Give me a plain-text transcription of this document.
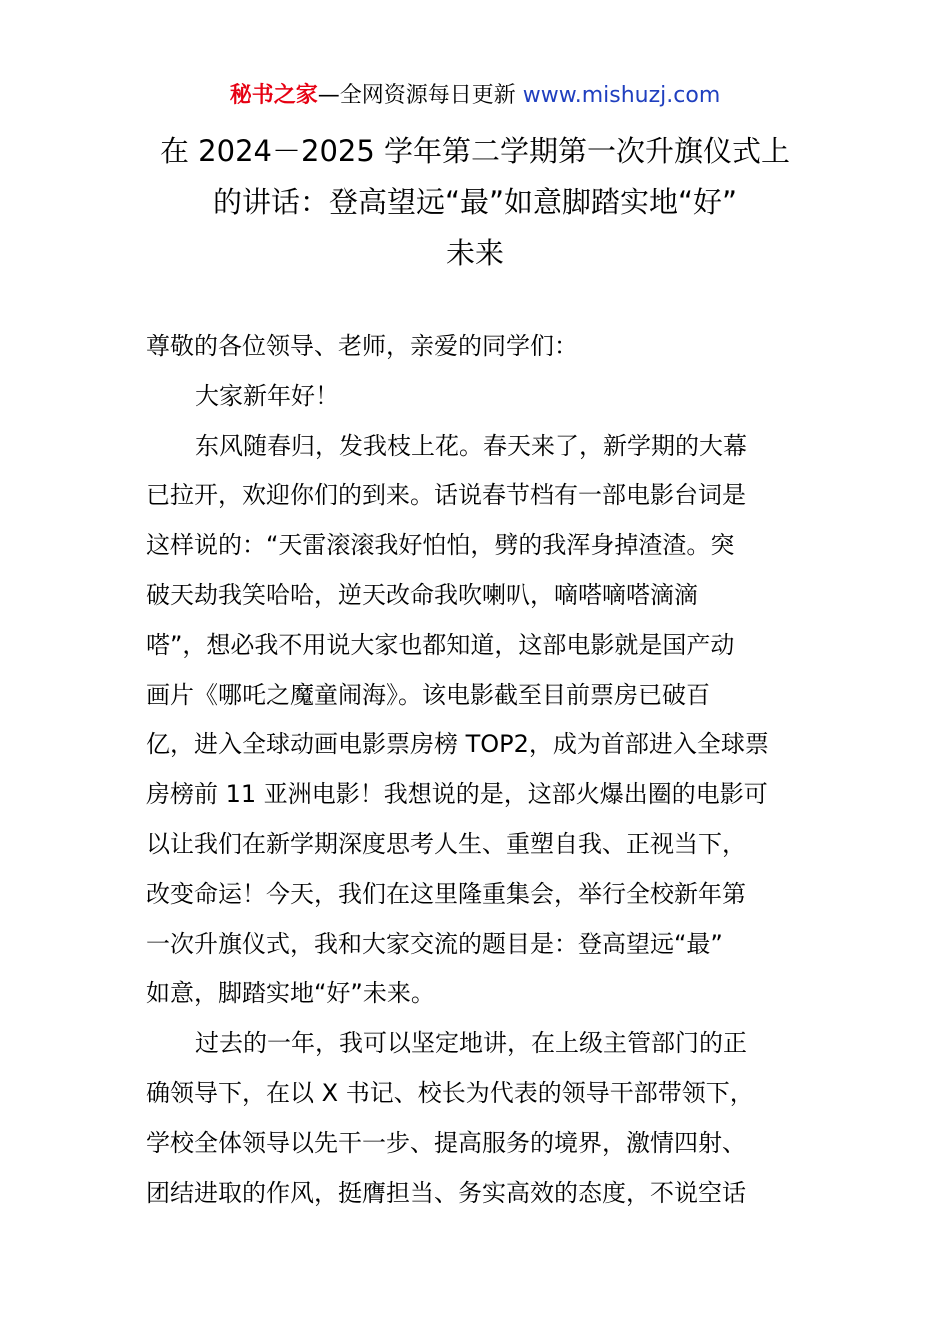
秘书之家—全网资源每日更新 www.mishuzj.com
在 2024－2025 学年第二学期第一次升旗仪式上
的讲话：登高望远“最”如意脚踏实地“好”
未来
尊敬的各位领导、老师，亲爱的同学们：
大家新年好！
东风随春归，发我枝上花。春天来了，新学期的大幕
已拉开，欢迎你们的到来。话说春节档有一部电影台词是
这样说的：“天雷滚滚我好怕怕，劈的我浑身掉渣渣。突
破天劫我笑哈哈，逆天改命我吹喇叭，嘀嗒嘀嗒滴滴
嗒”，想必我不用说大家也都知道，这部电影就是国产动
画片《哪吒之魔童闹海》。该电影截至目前票房已破百
亿，进入全球动画电影票房榜 TOP2，成为首部进入全球票
房榜前 11 亚洲电影！我想说的是，这部火爆出圈的电影可
以让我们在新学期深度思考人生、重塑自我、正视当下，
改变命运！今天，我们在这里隆重集会，举行全校新年第
一次升旗仪式，我和大家交流的题目是：登高望远“最”
如意，脚踏实地“好”未来。
过去的一年，我可以坚定地讲，在上级主管部门的正
确领导下，在以 X 书记、校长为代表的领导干部带领下，
学校全体领导以先干一步、提高服务的境界，激情四射、
团结进取的作风，挺膺担当、务实高效的态度，不说空话
